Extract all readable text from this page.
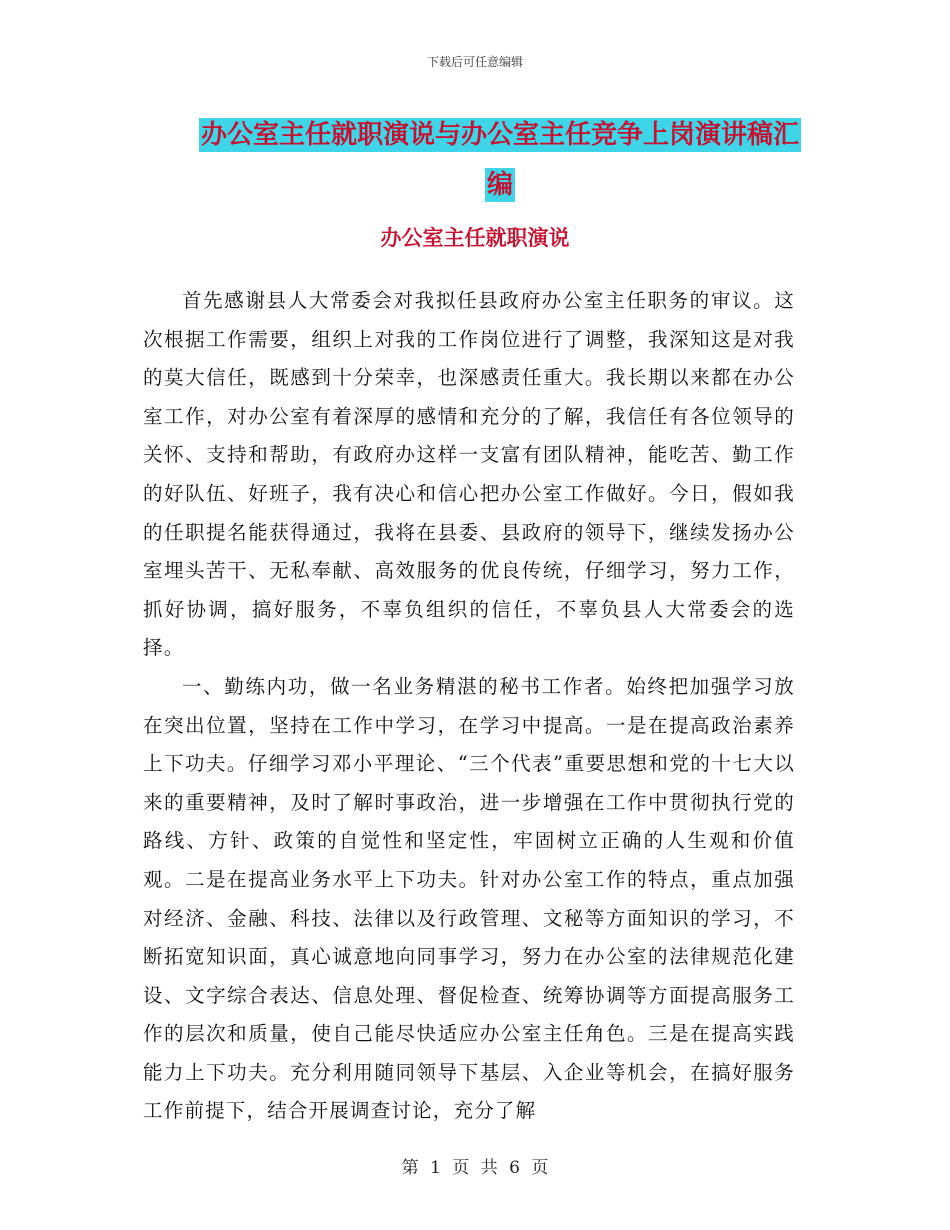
下载后可任意编辑
办公室主任就职演说与办公室主任竞争上岗演讲稿汇
编
办公室主任就职演说

首先感谢县人大常委会对我拟任县政府办公室主任职务的审议。这次根据工作需要，组织上对我的工作岗位进行了调整，我深知这是对我的莫大信任，既感到十分荣幸，也深感责任重大。我长期以来都在办公室工作，对办公室有着深厚的感情和充分的了解，我信任有各位领导的关怀、支持和帮助，有政府办这样一支富有团队精神，能吃苦、勤工作的好队伍、好班子，我有决心和信心把办公室工作做好。今日，假如我的任职提名能获得通过，我将在县委、县政府的领导下，继续发扬办公室埋头苦干、无私奉献、高效服务的优良传统，仔细学习，努力工作，抓好协调，搞好服务，不辜负组织的信任，不辜负县人大常委会的选择。

一、勤练内功，做一名业务精湛的秘书工作者。始终把加强学习放在突出位置，坚持在工作中学习，在学习中提高。一是在提高政治素养上下功夫。仔细学习邓小平理论、“三个代表”重要思想和党的十七大以来的重要精神，及时了解时事政治，进一步增强在工作中贯彻执行党的路线、方针、政策的自觉性和坚定性，牢固树立正确的人生观和价值观。二是在提高业务水平上下功夫。针对办公室工作的特点，重点加强对经济、金融、科技、法律以及行政管理、文秘等方面知识的学习，不断拓宽知识面，真心诚意地向同事学习，努力在办公室的法律规范化建设、文字综合表达、信息处理、督促检查、统筹协调等方面提高服务工作的层次和质量，使自己能尽快适应办公室主任角色。三是在提高实践能力上下功夫。充分利用随同领导下基层、入企业等机会，在搞好服务工作前提下，结合开展调查讨论，充分了解

第 1 页 共 6 页
